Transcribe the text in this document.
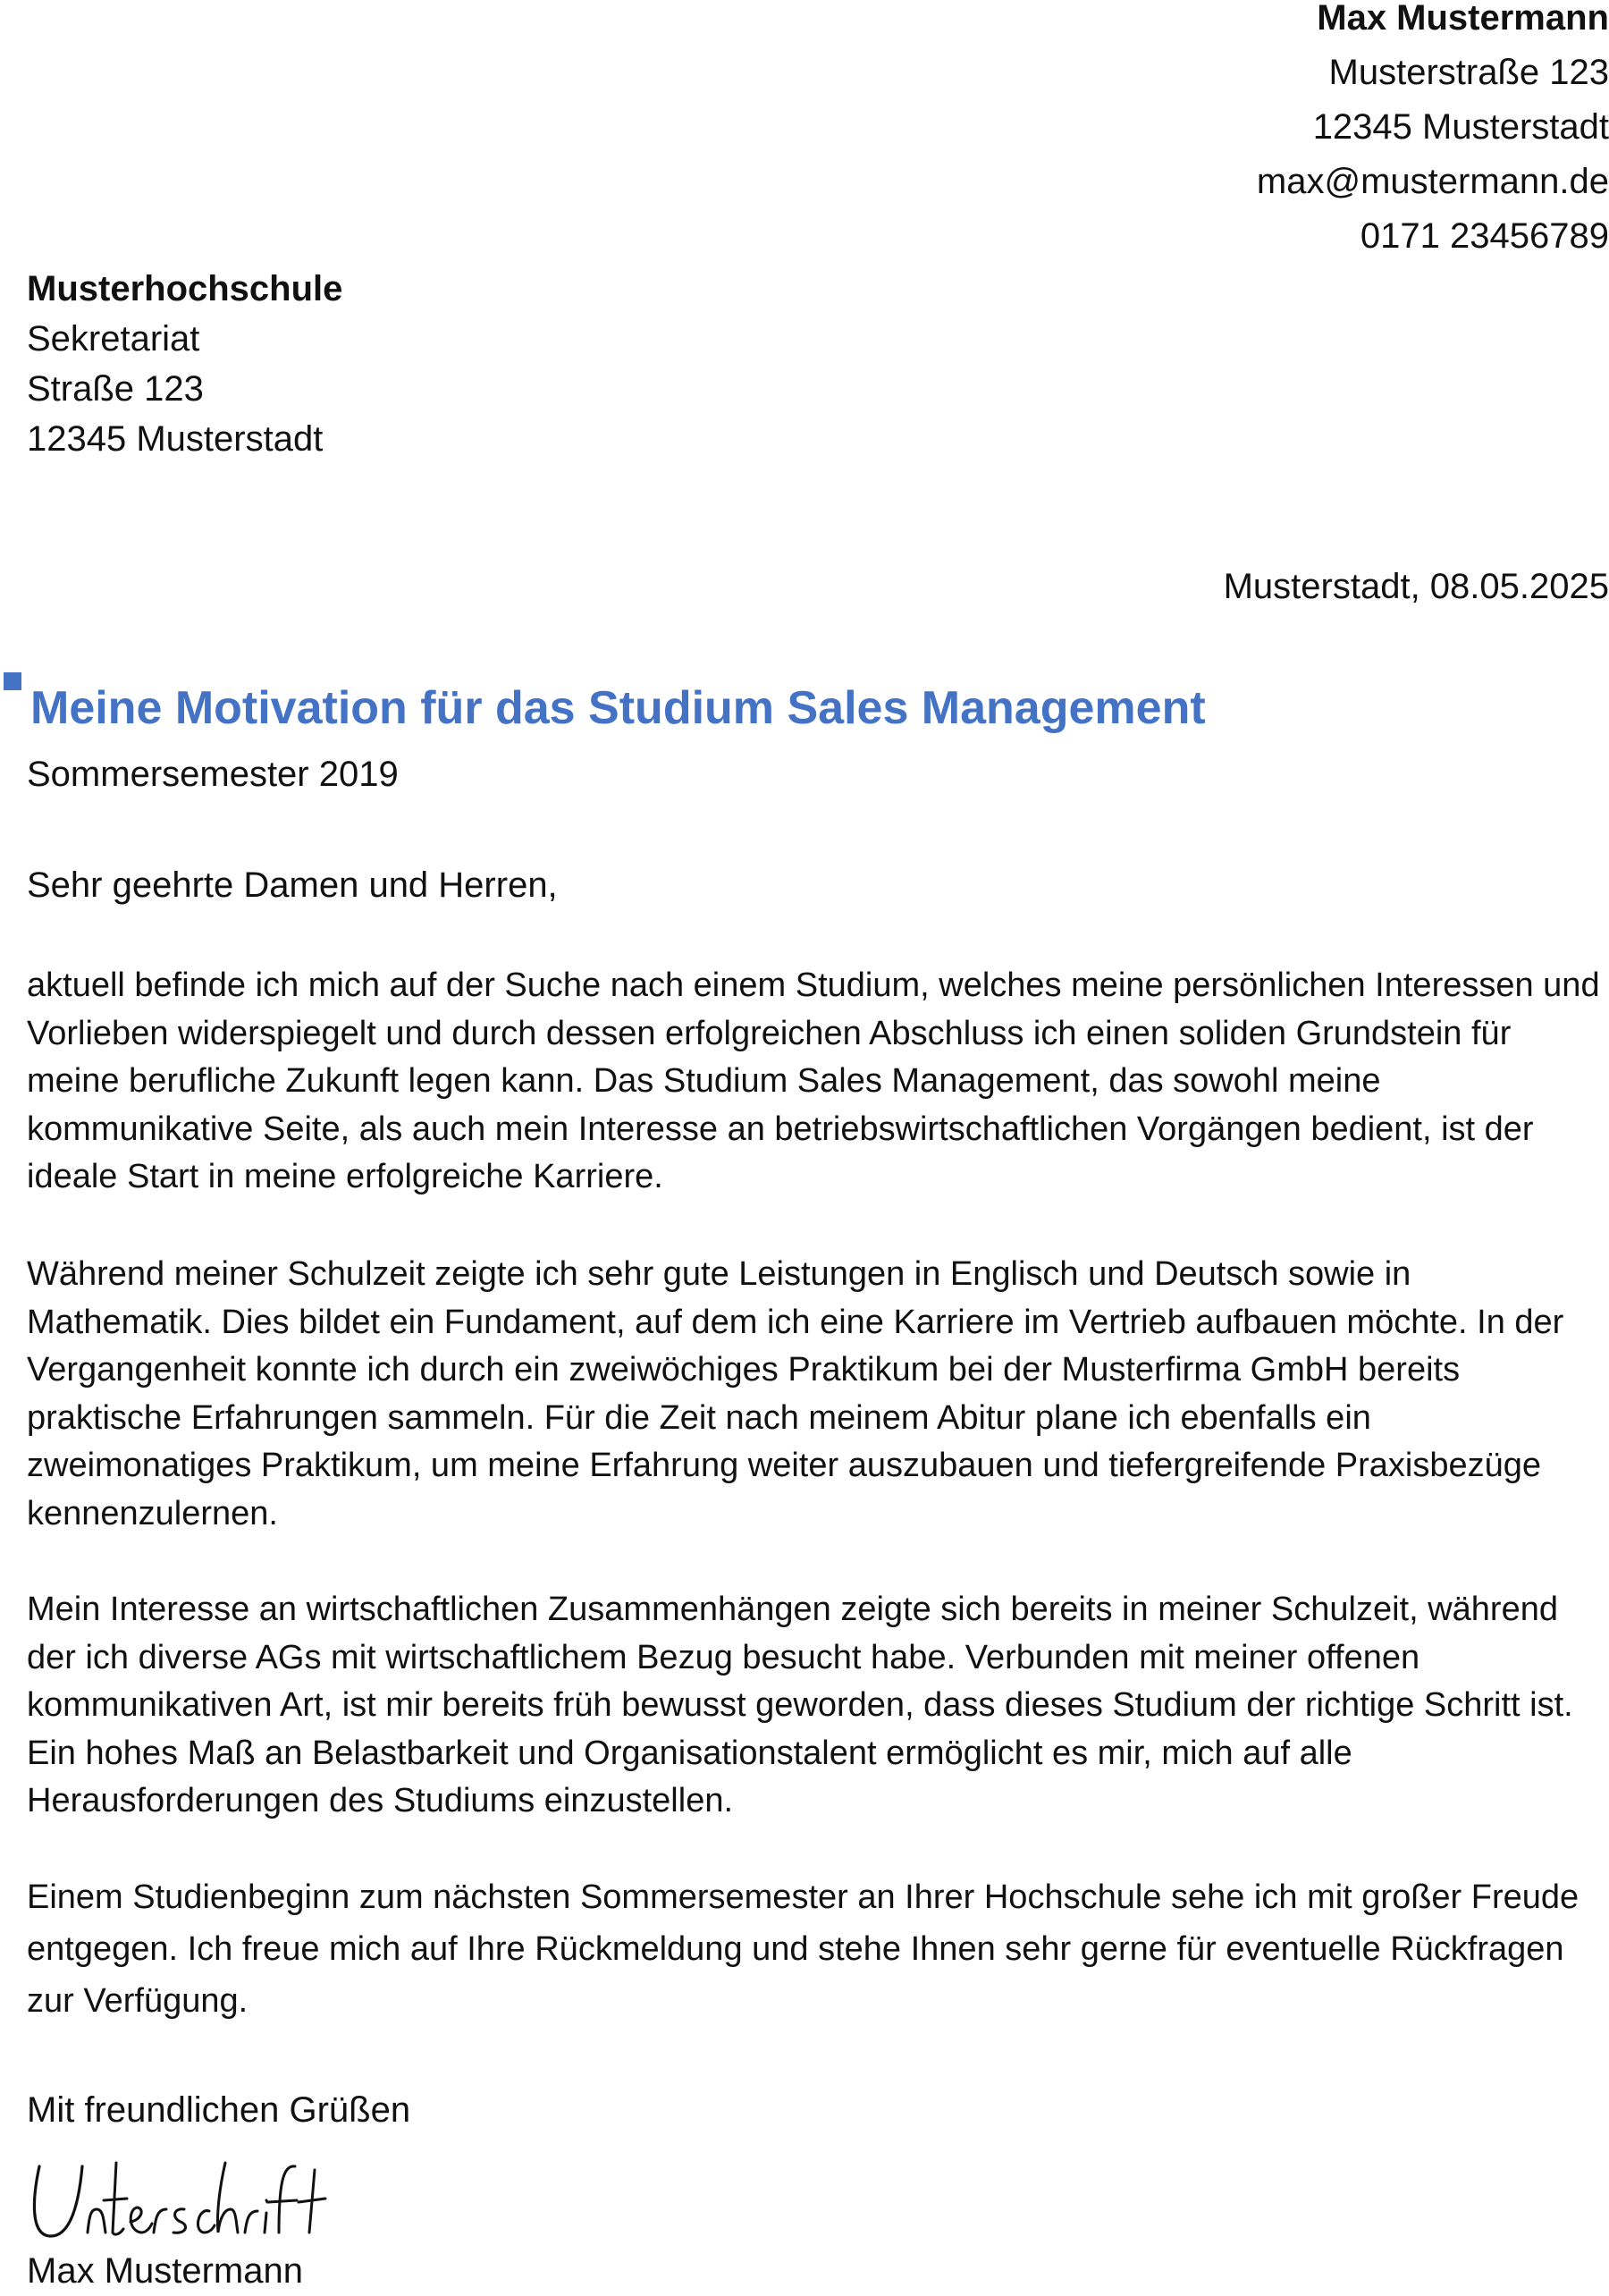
Max Mustermann
Musterstraße 123
12345 Musterstadt
max@mustermann.de
0171 23456789
Musterhochschule
Sekretariat
Straße 123
12345 Musterstadt
Musterstadt, 08.05.2025
Meine Motivation für das Studium Sales Management
Sommersemester 2019
Sehr geehrte Damen und Herren,

aktuell befinde ich mich auf der Suche nach einem Studium, welches meine persönlichen Interessen und Vorlieben widerspiegelt und durch dessen erfolgreichen Abschluss ich einen soliden Grundstein für meine berufliche Zukunft legen kann. Das Studium Sales Management, das sowohl meine kommunikative Seite, als auch mein Interesse an betriebswirtschaftlichen Vorgängen bedient, ist der ideale Start in meine erfolgreiche Karriere.

Während meiner Schulzeit zeigte ich sehr gute Leistungen in Englisch und Deutsch sowie in Mathematik. Dies bildet ein Fundament, auf dem ich eine Karriere im Vertrieb aufbauen möchte. In der Vergangenheit konnte ich durch ein zweiwöchiges Praktikum bei der Musterfirma GmbH bereits praktische Erfahrungen sammeln. Für die Zeit nach meinem Abitur plane ich ebenfalls ein zweimonatiges Praktikum, um meine Erfahrung weiter auszubauen und tiefergreifende Praxisbezüge kennenzulernen.

Mein Interesse an wirtschaftlichen Zusammenhängen zeigte sich bereits in meiner Schulzeit, während der ich diverse AGs mit wirtschaftlichem Bezug besucht habe. Verbunden mit meiner offenen kommunikativen Art, ist mir bereits früh bewusst geworden, dass dieses Studium der richtige Schritt ist. Ein hohes Maß an Belastbarkeit und Organisationstalent ermöglicht es mir, mich auf alle Herausforderungen des Studiums einzustellen.

Einem Studienbeginn zum nächsten Sommersemester an Ihrer Hochschule sehe ich mit großer Freude entgegen. Ich freue mich auf Ihre Rückmeldung und stehe Ihnen sehr gerne für eventuelle Rückfragen zur Verfügung.

Mit freundlichen Grüßen
Max Mustermann
